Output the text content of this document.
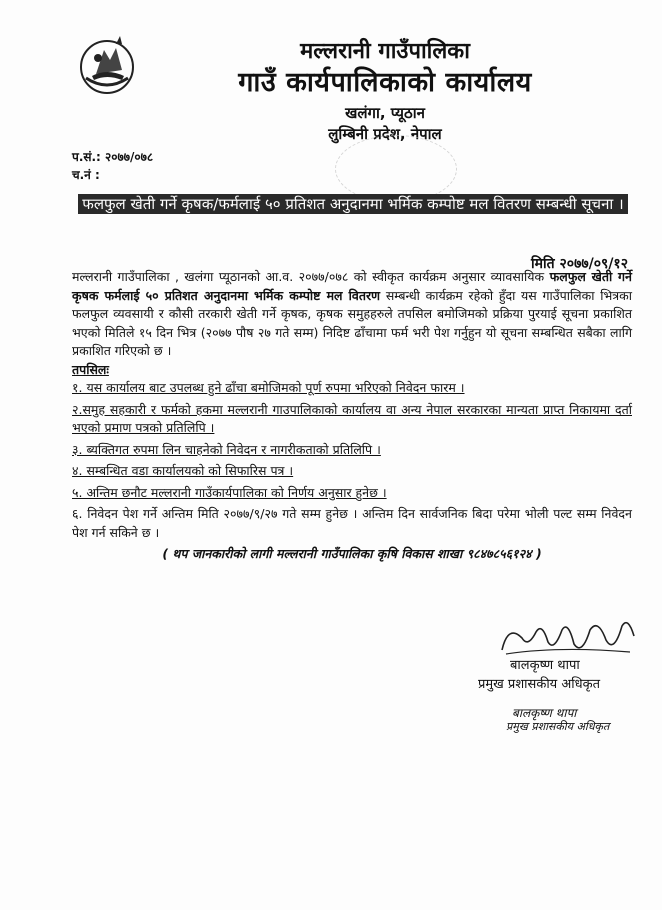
मल्लरानी गाउँपालिका
गाउँ कार्यपालिकाको कार्यालय
खलंगा, प्यूठान
लुम्बिनी प्रदेश, नेपाल
प.सं.: २०७७/०७८
च.नं :
फलफुल खेती गर्ने कृषक/फर्मलाई ५० प्रतिशत अनुदानमा भर्मिक कम्पोष्ट मल वितरण सम्बन्धी सूचना ।
मिति २०७७/०९/१२

मल्लरानी गाउँपालिका , खलंगा प्यूठानको आ.व. २०७७/०७८ को स्वीकृत कार्यक्रम अनुसार व्यावसायिक फलफुल खेती गर्ने कृषक फर्मलाई ५० प्रतिशत अनुदानमा भर्मिक कम्पोष्ट मल वितरण सम्बन्धी कार्यक्रम रहेको हुँदा यस गाउँपालिका भित्रका फलफुल व्यवसायी र कौसी तरकारी खेती गर्ने कृषक, कृषक समुहहरुले तपसिल बमोजिमको प्रक्रिया पुरयाई सूचना प्रकाशित भएको मितिले १५ दिन भित्र (२०७७ पौष २७ गते सम्म) निदिष्ट ढाँचामा फर्म भरी पेश गर्नुहुन यो सूचना सम्बन्धित सबैका लागि प्रकाशित गरिएको छ ।

तपसिलः

१. यस कार्यालय बाट उपलब्ध हुने ढाँचा बमोजिमको पूर्ण रुपमा भरिएको निवेदन फारम ।
२.समुह सहकारी र फर्मको हकमा मल्लरानी गाउपालिकाको कार्यालय वा अन्य नेपाल सरकारका मान्यता प्राप्त निकायमा दर्ता भएको प्रमाण पत्रको प्रतिलिपि ।
३. ब्यक्तिगत रुपमा लिन चाहनेको निवेदन र नागरीकताको प्रतिलिपि ।
४. सम्बन्धित वडा कार्यालयको को सिफारिस पत्र ।
५. अन्तिम छनौट मल्लरानी गाउँकार्यपालिका को निर्णय अनुसार हुनेछ ।
६. निवेदन पेश गर्ने अन्तिम मिति २०७७/९/२७ गते सम्म हुनेछ । अन्तिम दिन सार्वजनिक बिदा परेमा भोली पल्ट सम्म निवेदन पेश गर्न सकिने छ ।

( थप जानकारीको लागी मल्लरानी गाउँपालिका कृषि विकास शाखा ९८४७८५६१२४ )

बालकृष्ण थापा
प्रमुख प्रशासकीय अधिकृत
बालकृष्ण थापा
प्रमुख प्रशासकीय अधिकृत
